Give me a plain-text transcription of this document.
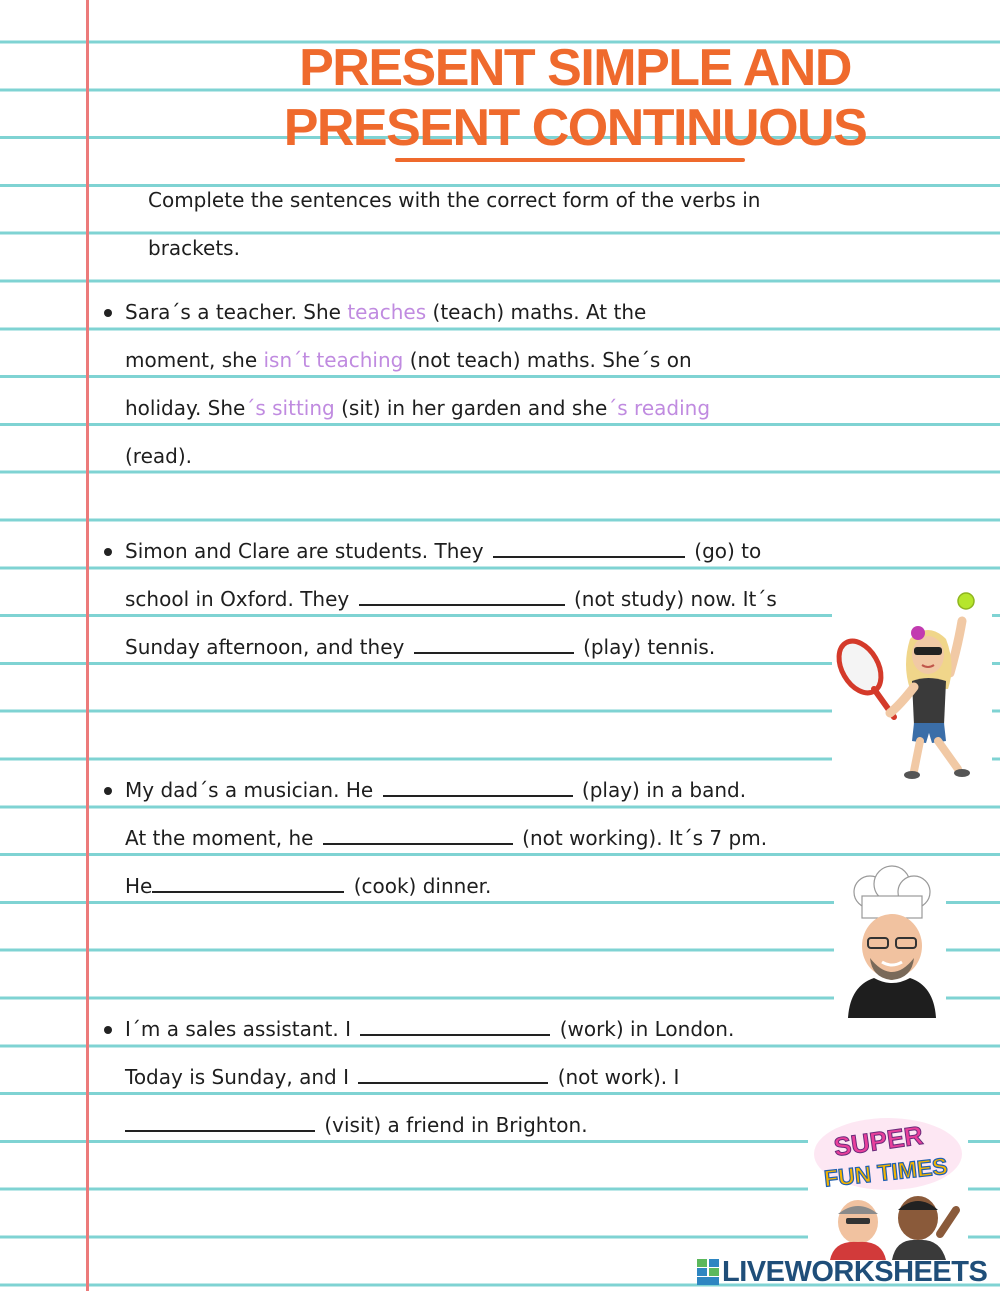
PRESENT SIMPLE AND
PRESENT CONTINUOUS
Complete the sentences with the correct form of the verbs in
brackets.
Sara´s a teacher. She teaches (teach) maths. At the
moment, she isn´t teaching (not teach) maths. She´s on
holiday. She´s sitting (sit) in her garden and she´s reading
(read).
Simon and Clare are students. They	(go) to
school in Oxford. They	(not study) now. It´s
Sunday afternoon, and they	(play) tennis.
My dad´s a musician. He	(play) in a band.
At the moment, he	(not working). It´s 7 pm.
He	(cook) dinner.
I´m a sales assistant. I	(work) in London.
Today is Sunday, and I	(not work). I
(visit) a friend in Brighton.	SUPER
FUN TIMES
LIVEWORKSHEETS
